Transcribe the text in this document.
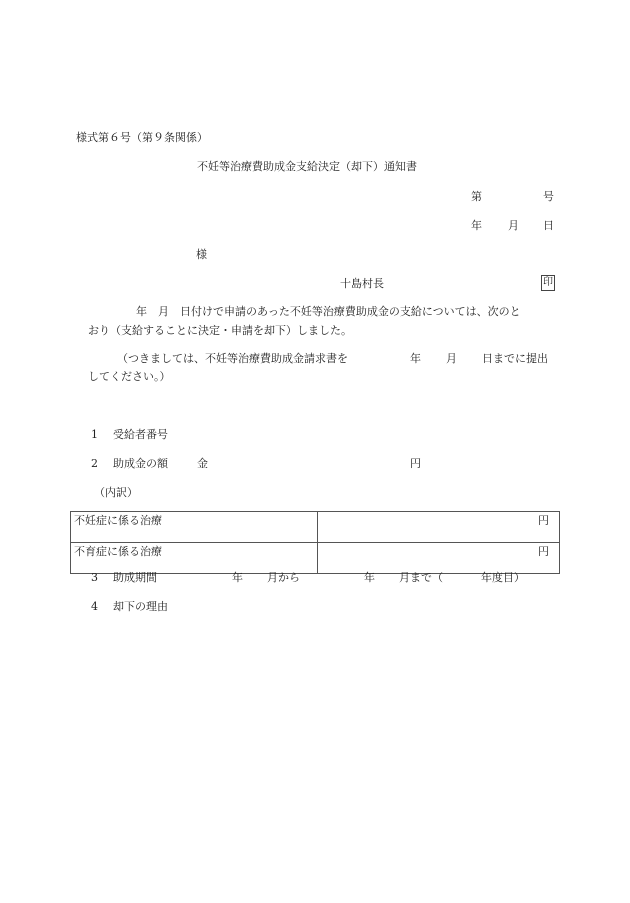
様式第６号（第９条関係）
不妊等治療費助成金支給決定（却下）通知書
第	号
年 月 日
様
十島村長	印
年　月　日付けで申請のあった不妊等治療費助成金の支給については、次のと
おり（支給することに決定・申請を却下）しました。
（つきましては、不妊等治療費助成金請求書を	年 月 日までに提出
してください。）
1 受給者番号
2 助成金の額	金	円
（内訳）
不妊症に係る治療	円
不育症に係る治療	円
3 助成期間	年 月から	年 月まで（	年度目）
4 却下の理由
